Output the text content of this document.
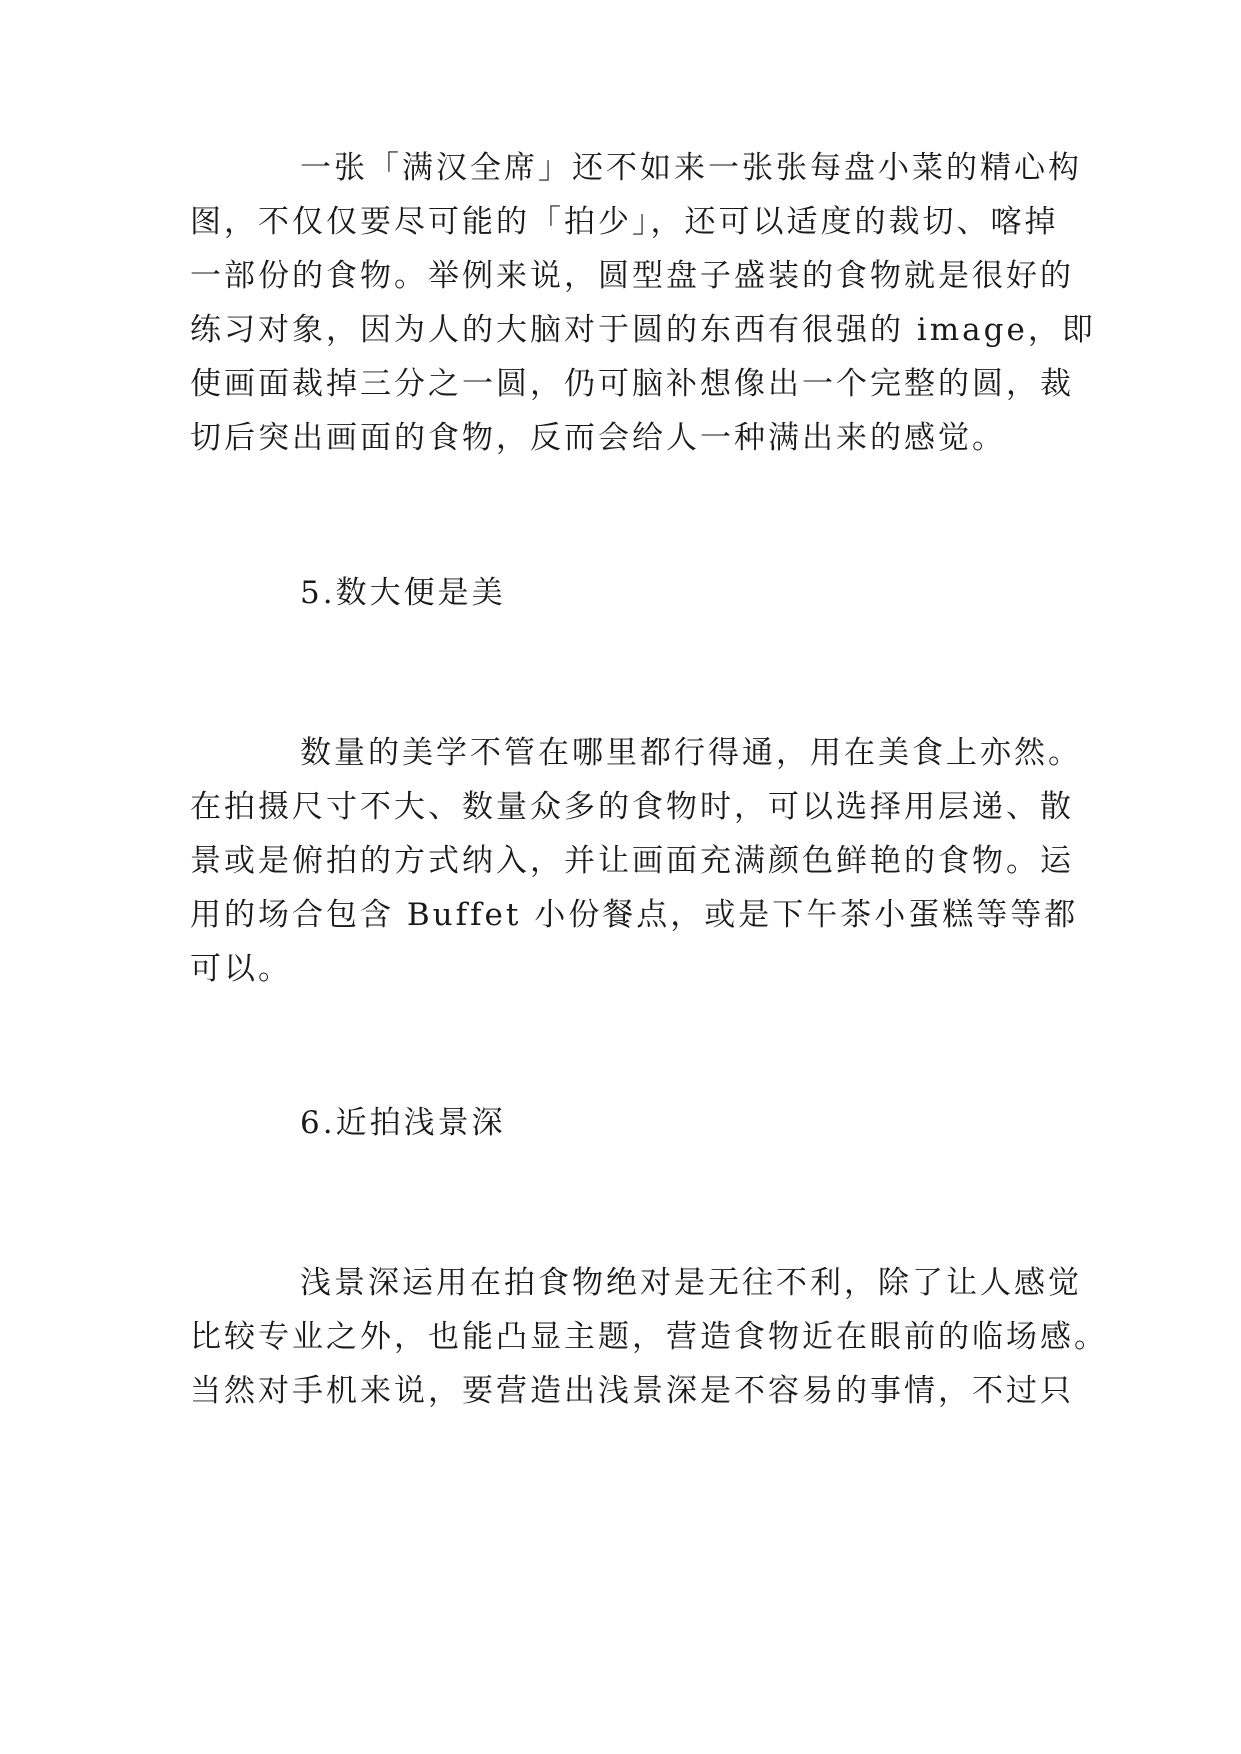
一张「满汉全席」还不如来一张张每盘小菜的精心构
图，不仅仅要尽可能的「拍少」，还可以适度的裁切、喀掉
一部份的食物。举例来说，圆型盘子盛装的食物就是很好的
练习对象，因为人的大脑对于圆的东西有很强的 image，即
使画面裁掉三分之一圆，仍可脑补想像出一个完整的圆，裁
切后突出画面的食物，反而会给人一种满出来的感觉。
5.数大便是美
数量的美学不管在哪里都行得通，用在美食上亦然。
在拍摄尺寸不大、数量众多的食物时，可以选择用层递、散
景或是俯拍的方式纳入，并让画面充满颜色鲜艳的食物。运
用的场合包含 Buffet 小份餐点，或是下午茶小蛋糕等等都
可以。
6.近拍浅景深
浅景深运用在拍食物绝对是无往不利，除了让人感觉
比较专业之外，也能凸显主题，营造食物近在眼前的临场感。
当然对手机来说，要营造出浅景深是不容易的事情，不过只
